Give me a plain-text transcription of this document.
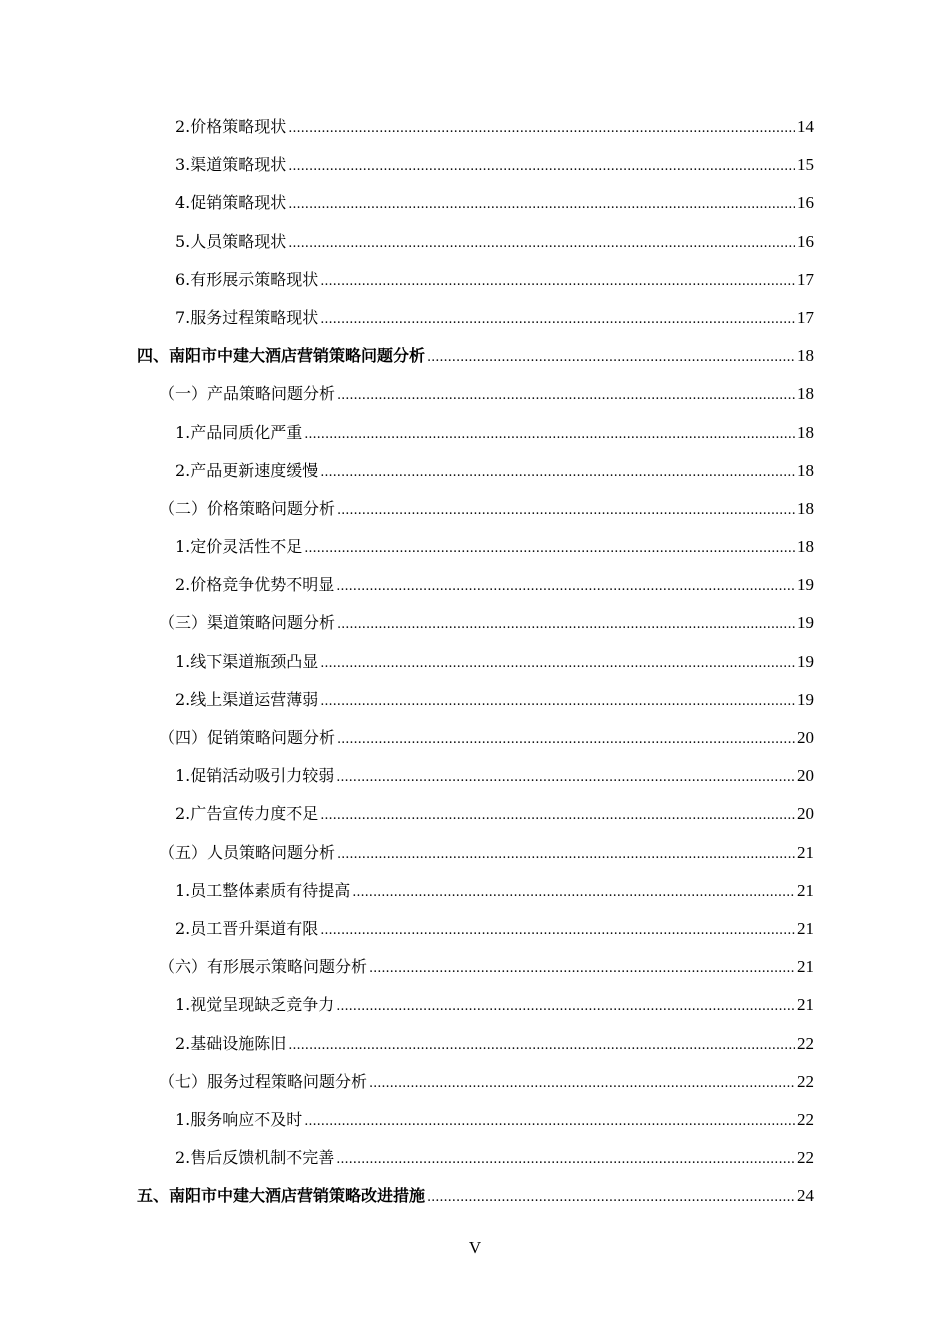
2.价格策略现状 .....	14
3.渠道策略现状 .....	15
4.促销策略现状 .....	16
5.人员策略现状 .....	16
6.有形展示策略现状 .....	17
7.服务过程策略现状 .....	17
四、南阳市中建大酒店营销策略问题分析 .....	18
（一）产品策略问题分析 .....	18
1.产品同质化严重 .....	18
2.产品更新速度缓慢 .....	18
（二）价格策略问题分析 .....	18
1.定价灵活性不足 .....	18
2.价格竞争优势不明显 .....	19
（三）渠道策略问题分析 .....	19
1.线下渠道瓶颈凸显 .....	19
2.线上渠道运营薄弱 .....	19
（四）促销策略问题分析 .....	20
1.促销活动吸引力较弱 .....	20
2.广告宣传力度不足 .....	20
（五）人员策略问题分析 .....	21
1.员工整体素质有待提高 .....	21
2.员工晋升渠道有限 .....	21
（六）有形展示策略问题分析 .....	21
1.视觉呈现缺乏竞争力 .....	21
2.基础设施陈旧 .....	22
（七）服务过程策略问题分析 .....	22
1.服务响应不及时 .....	22
2.售后反馈机制不完善 .....	22
五、南阳市中建大酒店营销策略改进措施 .....	24
V
